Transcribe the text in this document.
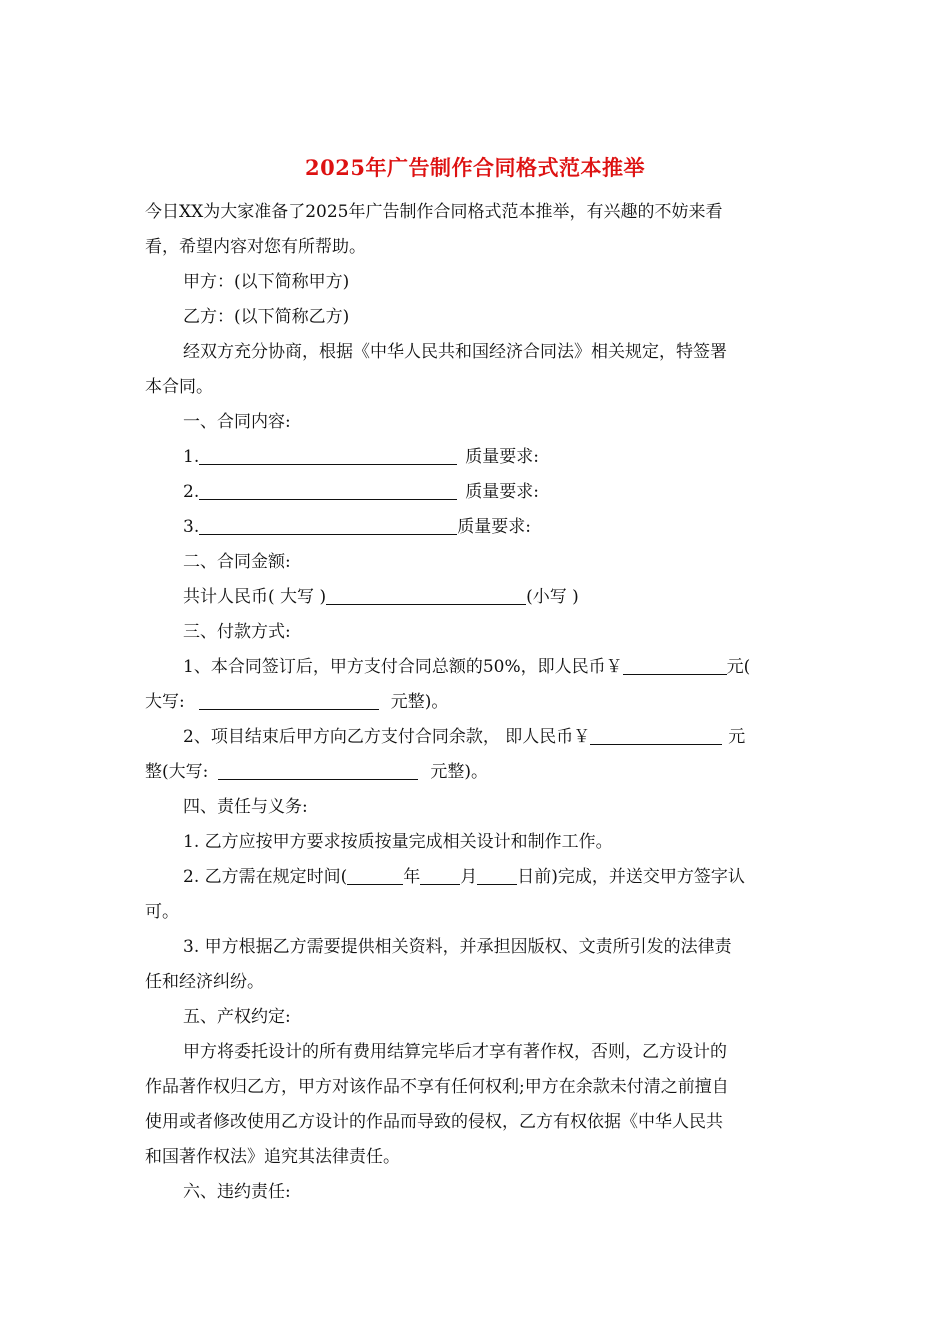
2025年广告制作合同格式范本推举
今日XX为大家准备了2025年广告制作合同格式范本推举，有兴趣的不妨来看
看，希望内容对您有所帮助。
甲方：(以下简称甲方)
乙方：(以下简称乙方)
经双方充分协商，根据《中华人民共和国经济合同法》相关规定，特签署
本合同。
一、合同内容:
1.	质量要求:
2.	质量要求:
3.	质量要求:
二、合同金额:
共计人民币( 大写 )	(小写 )
三、付款方式:
1、本合同签订后，甲方支付合同总额的50%，即人民币￥	元(
大写:	元整)。
2、项目结束后甲方向乙方支付合同余款， 即人民币￥	元
整(大写:	元整)。
四、责任与义务:
1. 乙方应按甲方要求按质按量完成相关设计和制作工作。
2. 乙方需在规定时间(	年 月 日前)完成，并送交甲方签字认
可。
3. 甲方根据乙方需要提供相关资料，并承担因版权、文责所引发的法律责
任和经济纠纷。
五、产权约定:
甲方将委托设计的所有费用结算完毕后才享有著作权，否则，乙方设计的
作品著作权归乙方，甲方对该作品不享有任何权利;甲方在余款未付清之前擅自
使用或者修改使用乙方设计的作品而导致的侵权，乙方有权依据《中华人民共
和国著作权法》追究其法律责任。
六、违约责任:
